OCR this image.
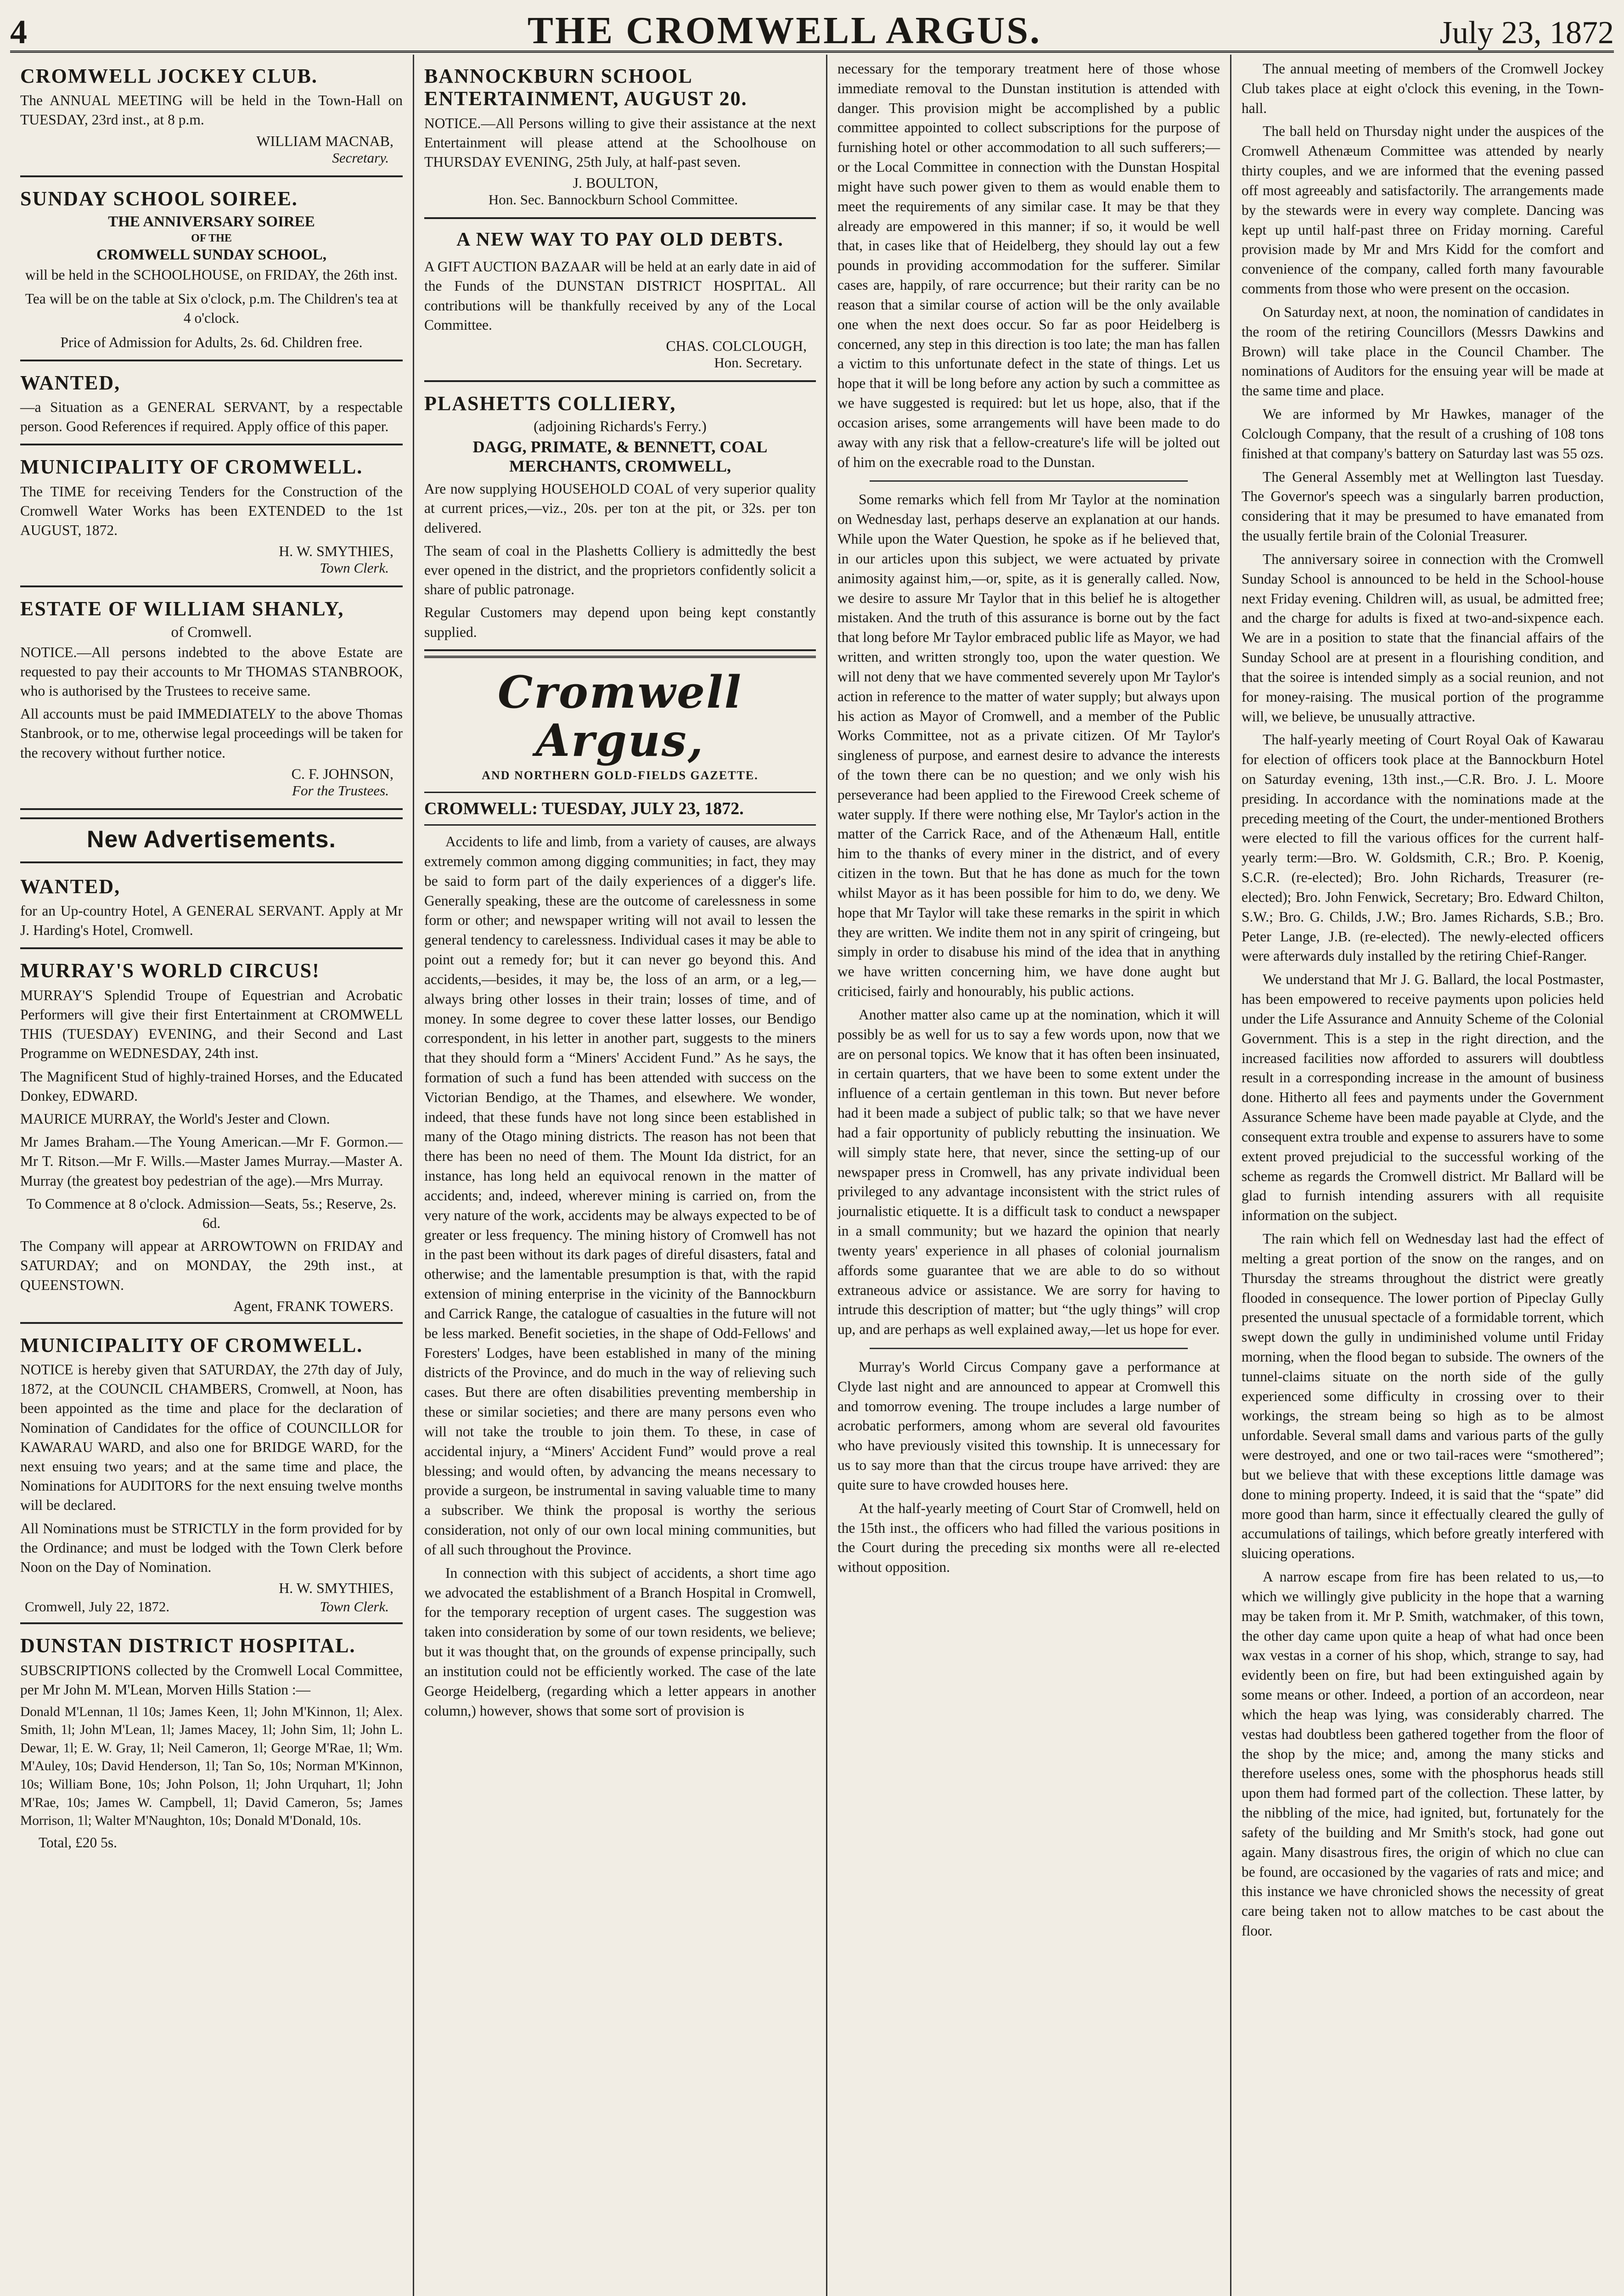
4	THE CROMWELL ARGUS.	July 23, 1872
CROMWELL JOCKEY CLUB.

The ANNUAL MEETING will be held in the Town-Hall on TUESDAY, 23rd inst., at 8 p.m.

WILLIAM MACNAB,
Secretary.
SUNDAY SCHOOL SOIREE.
THE ANNIVERSARY SOIREE
OF THE
CROMWELL SUNDAY SCHOOL,

will be held in the SCHOOLHOUSE, on FRIDAY, the 26th inst.

Tea will be on the table at Six o'clock, p.m. The Children's tea at 4 o'clock.

Price of Admission for Adults, 2s. 6d. Children free.

WANTED,

—a Situation as a GENERAL SERVANT, by a respectable person. Good References if required. Apply office of this paper.

MUNICIPALITY OF CROMWELL.

The TIME for receiving Tenders for the Construction of the Cromwell Water Works has been EXTENDED to the 1st AUGUST, 1872.

H. W. SMYTHIES,
Town Clerk.
ESTATE OF WILLIAM SHANLY,
of Cromwell.

NOTICE.—All persons indebted to the above Estate are requested to pay their accounts to Mr THOMAS STANBROOK, who is authorised by the Trustees to receive same.

All accounts must be paid IMMEDIATELY to the above Thomas Stanbrook, or to me, otherwise legal proceedings will be taken for the recovery without further notice.

C. F. JOHNSON,
For the Trustees.
New Advertisements.
WANTED,

for an Up-country Hotel, A GENERAL SERVANT. Apply at Mr J. Harding's Hotel, Cromwell.

MURRAY'S WORLD CIRCUS!

MURRAY'S Splendid Troupe of Equestrian and Acrobatic Performers will give their first Entertainment at CROMWELL THIS (TUESDAY) EVENING, and their Second and Last Programme on WEDNESDAY, 24th inst.

The Magnificent Stud of highly-trained Horses, and the Educated Donkey, EDWARD.

MAURICE MURRAY, the World's Jester and Clown.

Mr James Braham.—The Young American.—Mr F. Gormon.—Mr T. Ritson.—Mr F. Wills.—Master James Murray.—Master A. Murray (the greatest boy pedestrian of the age).—Mrs Murray.

To Commence at 8 o'clock. Admission—Seats, 5s.; Reserve, 2s. 6d.

The Company will appear at ARROWTOWN on FRIDAY and SATURDAY; and on MONDAY, the 29th inst., at QUEENSTOWN.

Agent, FRANK TOWERS.
MUNICIPALITY OF CROMWELL.

NOTICE is hereby given that SATURDAY, the 27th day of July, 1872, at the COUNCIL CHAMBERS, Cromwell, at Noon, has been appointed as the time and place for the declaration of Nomination of Candidates for the office of COUNCILLOR for KAWARAU WARD, and also one for BRIDGE WARD, for the next ensuing two years; and at the same time and place, the Nominations for AUDITORS for the next ensuing twelve months will be declared.

All Nominations must be STRICTLY in the form provided for by the Ordinance; and must be lodged with the Town Clerk before Noon on the Day of Nomination.

H. W. SMYTHIES,
Cromwell, July 22, 1872.	Town Clerk.
DUNSTAN DISTRICT HOSPITAL.

SUBSCRIPTIONS collected by the Cromwell Local Committee, per Mr John M. M'Lean, Morven Hills Station :—

Donald M'Lennan, 1l 10s; James Keen, 1l; John M'Kinnon, 1l; Alex. Smith, 1l; John M'Lean, 1l; James Macey, 1l; John Sim, 1l; John L. Dewar, 1l; E. W. Gray, 1l; Neil Cameron, 1l; George M'Rae, 1l; Wm. M'Auley, 10s; David Henderson, 1l; Tan So, 10s; Norman M'Kinnon, 10s; William Bone, 10s; John Polson, 1l; John Urquhart, 1l; John M'Rae, 10s; James W. Campbell, 1l; David Cameron, 5s; James Morrison, 1l; Walter M'Naughton, 10s; Donald M'Donald, 10s.

Total, £20 5s.

BANNOCKBURN SCHOOL ENTERTAINMENT, AUGUST 20.

NOTICE.—All Persons willing to give their assistance at the next Entertainment will please attend at the Schoolhouse on THURSDAY EVENING, 25th July, at half-past seven.

J. BOULTON,
Hon. Sec. Bannockburn School Committee.
A NEW WAY TO PAY OLD DEBTS.

A GIFT AUCTION BAZAAR will be held at an early date in aid of the Funds of the DUNSTAN DISTRICT HOSPITAL. All contributions will be thankfully received by any of the Local Committee.

CHAS. COLCLOUGH,
Hon. Secretary.
PLASHETTS COLLIERY,
(adjoining Richards's Ferry.)
DAGG, PRIMATE, & BENNETT, COAL MERCHANTS, CROMWELL,

Are now supplying HOUSEHOLD COAL of very superior quality at current prices,—viz., 20s. per ton at the pit, or 32s. per ton delivered.

The seam of coal in the Plashetts Colliery is admittedly the best ever opened in the district, and the proprietors confidently solicit a share of public patronage.

Regular Customers may depend upon being kept constantly supplied.

Cromwell Argus,
AND NORTHERN GOLD-FIELDS GAZETTE.
CROMWELL: TUESDAY, JULY 23, 1872.

Accidents to life and limb, from a variety of causes, are always extremely common among digging communities; in fact, they may be said to form part of the daily experiences of a digger's life. Generally speaking, these are the outcome of carelessness in some form or other; and newspaper writing will not avail to lessen the general tendency to carelessness. Individual cases it may be able to point out a remedy for; but it can never go beyond this. And accidents,—besides, it may be, the loss of an arm, or a leg,—always bring other losses in their train; losses of time, and of money. In some degree to cover these latter losses, our Bendigo correspondent, in his letter in another part, suggests to the miners that they should form a “Miners' Accident Fund.” As he says, the formation of such a fund has been attended with success on the Victorian Bendigo, at the Thames, and elsewhere. We wonder, indeed, that these funds have not long since been established in many of the Otago mining districts. The reason has not been that there has been no need of them. The Mount Ida district, for an instance, has long held an equivocal renown in the matter of accidents; and, indeed, wherever mining is carried on, from the very nature of the work, accidents may be always expected to be of greater or less frequency. The mining history of Cromwell has not in the past been without its dark pages of direful disasters, fatal and otherwise; and the lamentable presumption is that, with the rapid extension of mining enterprise in the vicinity of the Bannockburn and Carrick Range, the catalogue of casualties in the future will not be less marked. Benefit societies, in the shape of Odd-Fellows' and Foresters' Lodges, have been established in many of the mining districts of the Province, and do much in the way of relieving such cases. But there are often disabilities preventing membership in these or similar societies; and there are many persons even who will not take the trouble to join them. To these, in case of accidental injury, a “Miners' Accident Fund” would prove a real blessing; and would often, by advancing the means necessary to provide a surgeon, be instrumental in saving valuable time to many a subscriber. We think the proposal is worthy the serious consideration, not only of our own local mining communities, but of all such throughout the Province.

In connection with this subject of accidents, a short time ago we advocated the establishment of a Branch Hospital in Cromwell, for the temporary reception of urgent cases. The suggestion was taken into consideration by some of our town residents, we believe; but it was thought that, on the grounds of expense principally, such an institution could not be efficiently worked. The case of the late George Heidelberg, (regarding which a letter appears in another column,) however, shows that some sort of provision is

necessary for the temporary treatment here of those whose immediate removal to the Dunstan institution is attended with danger. This provision might be accomplished by a public committee appointed to collect subscriptions for the purpose of furnishing hotel or other accommodation to all such sufferers;—or the Local Committee in connection with the Dunstan Hospital might have such power given to them as would enable them to meet the requirements of any similar case. It may be that they already are empowered in this manner; if so, it would be well that, in cases like that of Heidelberg, they should lay out a few pounds in providing accommodation for the sufferer. Similar cases are, happily, of rare occurrence; but their rarity can be no reason that a similar course of action will be the only available one when the next does occur. So far as poor Heidelberg is concerned, any step in this direction is too late; the man has fallen a victim to this unfortunate defect in the state of things. Let us hope that it will be long before any action by such a committee as we have suggested is required: but let us hope, also, that if the occasion arises, some arrangements will have been made to do away with any risk that a fellow-creature's life will be jolted out of him on the execrable road to the Dunstan.

Some remarks which fell from Mr Taylor at the nomination on Wednesday last, perhaps deserve an explanation at our hands. While upon the Water Question, he spoke as if he believed that, in our articles upon this subject, we were actuated by private animosity against him,—or, spite, as it is generally called. Now, we desire to assure Mr Taylor that in this belief he is altogether mistaken. And the truth of this assurance is borne out by the fact that long before Mr Taylor embraced public life as Mayor, we had written, and written strongly too, upon the water question. We will not deny that we have commented severely upon Mr Taylor's action in reference to the matter of water supply; but always upon his action as Mayor of Cromwell, and a member of the Public Works Committee, not as a private citizen. Of Mr Taylor's singleness of purpose, and earnest desire to advance the interests of the town there can be no question; and we only wish his perseverance had been applied to the Firewood Creek scheme of water supply. If there were nothing else, Mr Taylor's action in the matter of the Carrick Race, and of the Athenæum Hall, entitle him to the thanks of every miner in the district, and of every citizen in the town. But that he has done as much for the town whilst Mayor as it has been possible for him to do, we deny. We hope that Mr Taylor will take these remarks in the spirit in which they are written. We indite them not in any spirit of cringeing, but simply in order to disabuse his mind of the idea that in anything we have written concerning him, we have done aught but criticised, fairly and honourably, his public actions.

Another matter also came up at the nomination, which it will possibly be as well for us to say a few words upon, now that we are on personal topics. We know that it has often been insinuated, in certain quarters, that we have been to some extent under the influence of a certain gentleman in this town. But never before had it been made a subject of public talk; so that we have never had a fair opportunity of publicly rebutting the insinuation. We will simply state here, that never, since the setting-up of our newspaper press in Cromwell, has any private individual been privileged to any advantage inconsistent with the strict rules of journalistic etiquette. It is a difficult task to conduct a newspaper in a small community; but we hazard the opinion that nearly twenty years' experience in all phases of colonial journalism affords some guarantee that we are able to do so without extraneous advice or assistance. We are sorry for having to intrude this description of matter; but “the ugly things” will crop up, and are perhaps as well explained away,—let us hope for ever.

Murray's World Circus Company gave a performance at Clyde last night and are announced to appear at Cromwell this and tomorrow evening. The troupe includes a large number of acrobatic performers, among whom are several old favourites who have previously visited this township. It is unnecessary for us to say more than that the circus troupe have arrived: they are quite sure to have crowded houses here.

At the half-yearly meeting of Court Star of Cromwell, held on the 15th inst., the officers who had filled the various positions in the Court during the preceding six months were all re-elected without opposition.

The annual meeting of members of the Cromwell Jockey Club takes place at eight o'clock this evening, in the Town-hall.

The ball held on Thursday night under the auspices of the Cromwell Athenæum Committee was attended by nearly thirty couples, and we are informed that the evening passed off most agreeably and satisfactorily. The arrangements made by the stewards were in every way complete. Dancing was kept up until half-past three on Friday morning. Careful provision made by Mr and Mrs Kidd for the comfort and convenience of the company, called forth many favourable comments from those who were present on the occasion.

On Saturday next, at noon, the nomination of candidates in the room of the retiring Councillors (Messrs Dawkins and Brown) will take place in the Council Chamber. The nominations of Auditors for the ensuing year will be made at the same time and place.

We are informed by Mr Hawkes, manager of the Colclough Company, that the result of a crushing of 108 tons finished at that company's battery on Saturday last was 55 ozs.

The General Assembly met at Wellington last Tuesday. The Governor's speech was a singularly barren production, considering that it may be presumed to have emanated from the usually fertile brain of the Colonial Treasurer.

The anniversary soiree in connection with the Cromwell Sunday School is announced to be held in the School-house next Friday evening. Children will, as usual, be admitted free; and the charge for adults is fixed at two-and-sixpence each. We are in a position to state that the financial affairs of the Sunday School are at present in a flourishing condition, and that the soiree is intended simply as a social reunion, and not for money-raising. The musical portion of the programme will, we believe, be unusually attractive.

The half-yearly meeting of Court Royal Oak of Kawarau for election of officers took place at the Bannockburn Hotel on Saturday evening, 13th inst.,—C.R. Bro. J. L. Moore presiding. In accordance with the nominations made at the preceding meeting of the Court, the under-mentioned Brothers were elected to fill the various offices for the current half-yearly term:—Bro. W. Goldsmith, C.R.; Bro. P. Koenig, S.C.R. (re-elected); Bro. John Richards, Treasurer (re-elected); Bro. John Fenwick, Secretary; Bro. Edward Chilton, S.W.; Bro. G. Childs, J.W.; Bro. James Richards, S.B.; Bro. Peter Lange, J.B. (re-elected). The newly-elected officers were afterwards duly installed by the retiring Chief-Ranger.

We understand that Mr J. G. Ballard, the local Postmaster, has been empowered to receive payments upon policies held under the Life Assurance and Annuity Scheme of the Colonial Government. This is a step in the right direction, and the increased facilities now afforded to assurers will doubtless result in a corresponding increase in the amount of business done. Hitherto all fees and payments under the Government Assurance Scheme have been made payable at Clyde, and the consequent extra trouble and expense to assurers have to some extent proved prejudicial to the successful working of the scheme as regards the Cromwell district. Mr Ballard will be glad to furnish intending assurers with all requisite information on the subject.

The rain which fell on Wednesday last had the effect of melting a great portion of the snow on the ranges, and on Thursday the streams throughout the district were greatly flooded in consequence. The lower portion of Pipeclay Gully presented the unusual spectacle of a formidable torrent, which swept down the gully in undiminished volume until Friday morning, when the flood began to subside. The owners of the tunnel-claims situate on the north side of the gully experienced some difficulty in crossing over to their workings, the stream being so high as to be almost unfordable. Several small dams and various parts of the gully were destroyed, and one or two tail-races were “smothered”; but we believe that with these exceptions little damage was done to mining property. Indeed, it is said that the “spate” did more good than harm, since it effectually cleared the gully of accumulations of tailings, which before greatly interfered with sluicing operations.

A narrow escape from fire has been related to us,—to which we willingly give publicity in the hope that a warning may be taken from it. Mr P. Smith, watchmaker, of this town, the other day came upon quite a heap of what had once been wax vestas in a corner of his shop, which, strange to say, had evidently been on fire, but had been extinguished again by some means or other. Indeed, a portion of an accordeon, near which the heap was lying, was considerably charred. The vestas had doubtless been gathered together from the floor of the shop by the mice; and, among the many sticks and therefore useless ones, some with the phosphorus heads still upon them had formed part of the collection. These latter, by the nibbling of the mice, had ignited, but, fortunately for the safety of the building and Mr Smith's stock, had gone out again. Many disastrous fires, the origin of which no clue can be found, are occasioned by the vagaries of rats and mice; and this instance we have chronicled shows the necessity of great care being taken not to allow matches to be cast about the floor.
